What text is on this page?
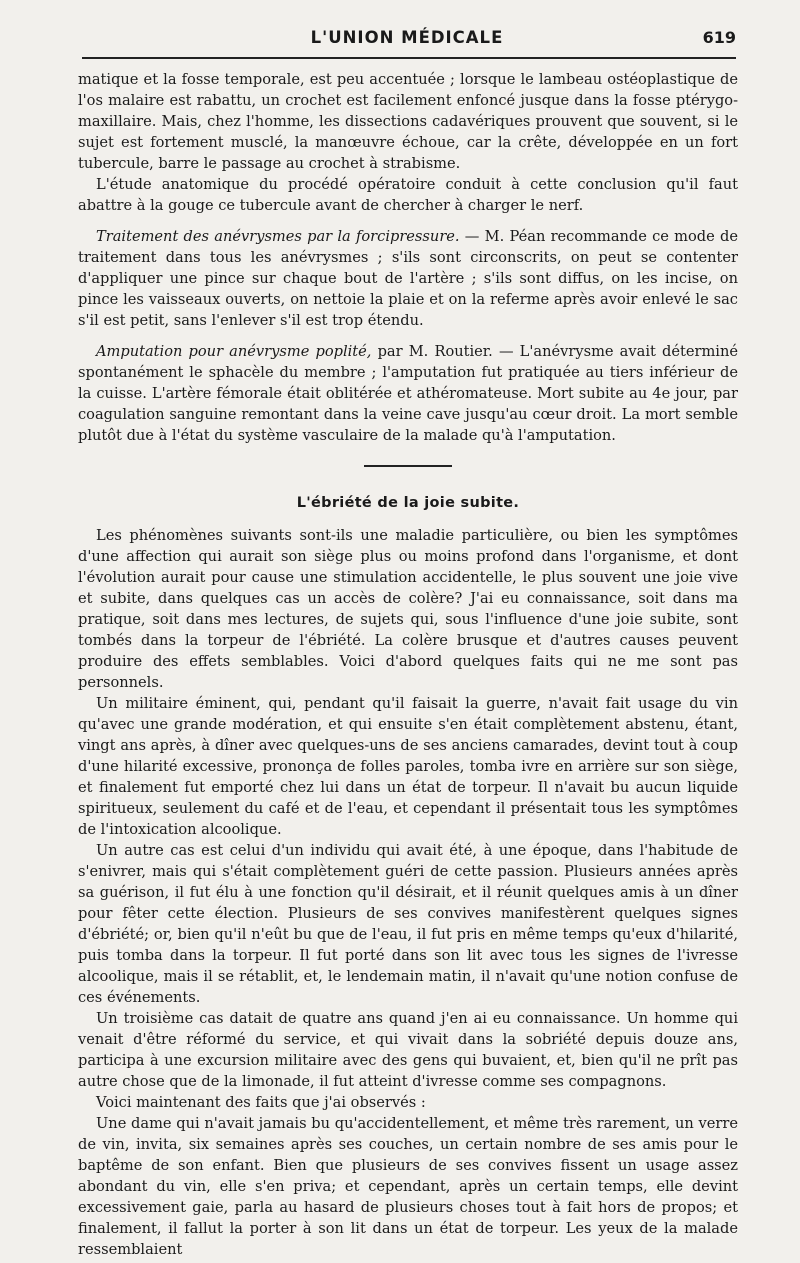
L'UNION MÉDICALE	619

matique et la fosse temporale, est peu accentuée ; lorsque le lambeau ostéoplastique de l'os malaire est rabattu, un crochet est facilement enfoncé jusque dans la fosse ptérygo-maxillaire. Mais, chez l'homme, les dissections cadavériques prouvent que souvent, si le sujet est fortement musclé, la manœuvre échoue, car la crête, développée en un fort tubercule, barre le passage au crochet à strabisme.

L'étude anatomique du procédé opératoire conduit à cette conclusion qu'il faut abattre à la gouge ce tubercule avant de chercher à charger le nerf.

Traitement des anévrysmes par la forcipressure. — M. Péan recommande ce mode de traitement dans tous les anévrysmes ; s'ils sont circonscrits, on peut se contenter d'appliquer une pince sur chaque bout de l'artère ; s'ils sont diffus, on les incise, on pince les vaisseaux ouverts, on nettoie la plaie et on la referme après avoir enlevé le sac s'il est petit, sans l'enlever s'il est trop étendu.

Amputation pour anévrysme poplité, par M. Routier. — L'anévrysme avait déterminé spontanément le sphacèle du membre ; l'amputation fut pratiquée au tiers inférieur de la cuisse. L'artère fémorale était oblitérée et athéromateuse. Mort subite au 4e jour, par coagulation sanguine remontant dans la veine cave jusqu'au cœur droit. La mort semble plutôt due à l'état du système vasculaire de la malade qu'à l'amputation.

L'ébriété de la joie subite.

Les phénomènes suivants sont-ils une maladie particulière, ou bien les symptômes d'une affection qui aurait son siège plus ou moins profond dans l'organisme, et dont l'évolution aurait pour cause une stimulation accidentelle, le plus souvent une joie vive et subite, dans quelques cas un accès de colère? J'ai eu connaissance, soit dans ma pratique, soit dans mes lectures, de sujets qui, sous l'influence d'une joie subite, sont tombés dans la torpeur de l'ébriété. La colère brusque et d'autres causes peuvent produire des effets semblables. Voici d'abord quelques faits qui ne me sont pas personnels.

Un militaire éminent, qui, pendant qu'il faisait la guerre, n'avait fait usage du vin qu'avec une grande modération, et qui ensuite s'en était complètement abstenu, étant, vingt ans après, à dîner avec quelques-uns de ses anciens camarades, devint tout à coup d'une hilarité excessive, prononça de folles paroles, tomba ivre en arrière sur son siège, et finalement fut emporté chez lui dans un état de torpeur. Il n'avait bu aucun liquide spiritueux, seulement du café et de l'eau, et cependant il présentait tous les symptômes de l'intoxication alcoolique.

Un autre cas est celui d'un individu qui avait été, à une époque, dans l'habitude de s'enivrer, mais qui s'était complètement guéri de cette passion. Plusieurs années après sa guérison, il fut élu à une fonction qu'il désirait, et il réunit quelques amis à un dîner pour fêter cette élection. Plusieurs de ses convives manifestèrent quelques signes d'ébriété; or, bien qu'il n'eût bu que de l'eau, il fut pris en même temps qu'eux d'hilarité, puis tomba dans la torpeur. Il fut porté dans son lit avec tous les signes de l'ivresse alcoolique, mais il se rétablit, et, le lendemain matin, il n'avait qu'une notion confuse de ces événements.

Un troisième cas datait de quatre ans quand j'en ai eu connaissance. Un homme qui venait d'être réformé du service, et qui vivait dans la sobriété depuis douze ans, participa à une excursion militaire avec des gens qui buvaient, et, bien qu'il ne prît pas autre chose que de la limonade, il fut atteint d'ivresse comme ses compagnons.

Voici maintenant des faits que j'ai observés :

Une dame qui n'avait jamais bu qu'accidentellement, et même très rarement, un verre de vin, invita, six semaines après ses couches, un certain nombre de ses amis pour le baptême de son enfant. Bien que plusieurs de ses convives fissent un usage assez abondant du vin, elle s'en priva; et cependant, après un certain temps, elle devint excessivement gaie, parla au hasard de plusieurs choses tout à fait hors de propos; et finalement, il fallut la porter à son lit dans un état de torpeur. Les yeux de la malade ressemblaient
